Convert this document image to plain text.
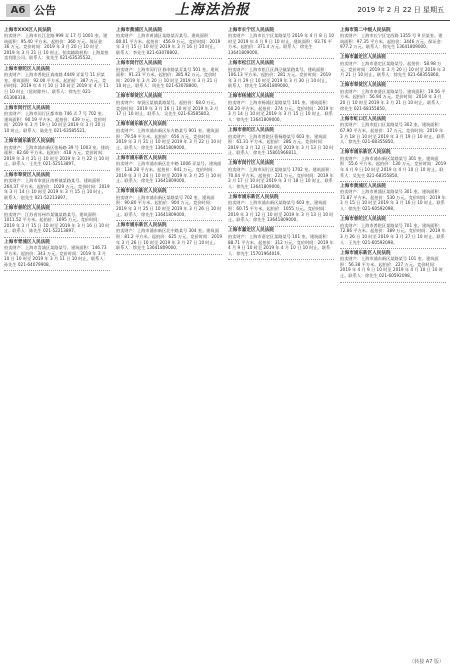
A6 公告	上海法治报	2019 年 2 月 22 日 星期五
上海市XXX区人民法院
拍卖财产：上海市长江北路 999 弄 17 号 1001 室。建筑面积：95.40 平方米。起拍价：360 万元。保证金：36 万元。竞价时间：2019 年 3 月 20 日 10 时至 2019 年 3 月 21 日 10 时止。拍卖辅助机构：上海某拍卖有限公司。联系人：张先生 021-63535532。
上海市普陀区人民法院
拍卖财产：上海市普陀区真南路 4449 弄某号 11 层某室。建筑面积：92.00 平方米。起拍价：387 万元。竞价时间：2019 年 4 月 10 日 10 时至 2019 年 4 月 11 日 10 时止（延时除外）。联系人：徐先生 021-61308318。
上海市闵行区人民法院
拍卖财产：上海市闵行区都市路 746 弄 7 号 702 室。建筑面积：90.19 平方米。起拍价：439 万元。竞价时间：2019 年 3 月 19 日 10 时至 2019 年 3 月 20 日 10 时止。联系人：陆先生 021-63585521。
上海市浦东新区人民法院
拍卖财产：上海市浦东新区张杨路 39 号 1003 室。建筑面积：82.60 平方米。起拍价：418 万元。竞价时间：2019 年 3 月 21 日 10 时至 2019 年 3 月 22 日 10 时止。联系人：王先生 021-52513897。
上海市奉贤区人民法院
拍卖财产：上海市奉贤区南桥镇某路某号。建筑面积：264.37 平方米。起拍价：1029 万元。竞价时间：2019 年 3 月 14 日 10 时至 2019 年 3 月 15 日 10 时止。联系人：赵先生 021-52213897。
上海市普陀区人民法院
拍卖财产：江苏省苏州市某镇某路某号。建筑面积：1011.52 平方米。起拍价：1095 万元。竞价时间：2019 年 3 月 15 日 10 时至 2019 年 3 月 16 日 10 时止。联系人：陈先生 021-52213897。
上海市青浦区人民法院
拍卖财产：上海市青浦区某路某号。建筑面积：146.73 平方米。起拍价：343 万元。竞价时间：2019 年 3 月 10 日 10 时至 2019 年 3 月 11 日 10 时止。联系人：孙先生 021-64079908。
上海市黄浦区人民法院
拍卖财产：上海市黄浦区某路某弄某号。建筑面积：80.01 平方米。起拍价：456.9 万元。竞价时间：2019 年 3 月 15 日 10 时至 2019 年 3 月 16 日 10 时止。联系人：李先生 021-63078802。
上海市闵行区人民法院
拍卖财产：上海市闵行区春申路某弄某号 501 室。建筑面积：91.23 平方米。起拍价：385.92 万元。竞价时间：2019 年 3 月 20 日 10 时至 2019 年 3 月 21 日 10 时止。联系人：周先生 021-63078800。
上海市奉贤区人民法院
拍卖财产：奉贤区某镇某路某号。起拍价：68.0 万元。竞价时间：2019 年 3 月 16 日 10 时至 2019 年 3 月 17 日 10 时止。联系人：吴先生 021-63585803。
上海市浦东新区人民法院
拍卖财产：上海市浦东新区东方路某号 901 室。建筑面积：79.59 平方米。起拍价：656 万元。竞价时间：2019 年 3 月 21 日 10 时至 2019 年 3 月 22 日 10 时止。联系人：徐先生 13641809000。
上海市浦东新区人民法院
拍卖财产：上海市浦东新区北中路 1006 弄某号。建筑面积：138.28 平方米。起拍价：941 万元。竞价时间：2019 年 3 月 24 日 10 时至 2019 年 3 月 25 日 10 时止。联系人：徐先生 13641809000。
上海市浦东新区人民法院
拍卖财产：上海市浦东新区某路某号 702 室。建筑面积：90.80 平方米。起拍价：904 万元。竞价时间：2019 年 3 月 25 日 10 时至 2019 年 3 月 26 日 10 时止。联系人：徐先生 13641809000。
上海市浦东新区人民法院
拍卖财产：上海市浦东新区北中路某号 304 室。建筑面积：81.2 平方米。起拍价：625 万元。竞价时间：2019 年 3 月 26 日 10 时至 2019 年 3 月 27 日 10 时止。联系人：徐先生 13641809000。
上海市长宁区人民法院
拍卖财产：上海市长宁区某路某号 2019 年 4 月 8 日 10 时至 2019 年 4 月 9 日 10 时止。建筑面积：93.76 平方米。起拍价：371.4 万元。联系人：徐先生 13641809000。
上海市松江区人民法院
拍卖财产：上海市松江区泗泾镇某路某号。建筑面积：106.13 平方米。起拍价：281 万元。竞价时间：2019 年 3 月 29 日 10 时至 2019 年 3 月 30 日 10 时止。联系人：徐先生 13641809000。
上海市杨浦区人民法院
拍卖财产：上海市杨浦区某路某号 101 室。建筑面积：60.20 平方米。起拍价：274 万元。竞价时间：2019 年 3 月 14 日 10 时至 2019 年 3 月 15 日 10 时止。联系人：徐先生 13641809000。
上海市普陀区人民法院
拍卖财产：上海市普陀区曹杨路某号 603 室。建筑面积：61.31 平方米。起拍价：286 万元。竞价时间：2019 年 3 月 12 日 10 时至 2019 年 3 月 13 日 10 时止。联系人：徐先生 15801966811。
上海市闵行区人民法院
拍卖财产：上海市闵行区某路某号 1702 室。建筑面积：70.04 平方米。起拍价：221 万元。竞价时间：2019 年 3 月 17 日 10 时至 2019 年 3 月 18 日 10 时止。联系人：徐先生 13641809000。
上海市浦东新区人民法院
拍卖财产：上海市浦东新区某路某号 603 室。建筑面积：60.75 平方米。起拍价：1055 万元。竞价时间：2019 年 3 月 12 日 10 时至 2019 年 3 月 13 日 10 时止。联系人：徐先生 13641809000。
上海市嘉定区人民法院
拍卖财产：上海市嘉定区某路某号 101 室。建筑面积：88.71 平方米。起拍价：312 万元。竞价时间：2019 年 4 月 9 日 10 时至 2019 年 4 月 10 日 10 时止。联系人：徐先生 15701964019。
上海市第二中级人民法院
拍卖财产：上海市长宁区定西路 1355 号 9 层某室。建筑面积：97.35 平方米。起拍价：3446 万元。保证金：977.2 万元。联系人：徐先生 13641809000。
上海市嘉定区人民法院
拍卖财产：上海市嘉定区某路某号。起拍价：58.98 万元。竞价时间：2019 年 3 月 20 日 10 时至 2019 年 3 月 21 日 10 时止。联系人：徐先生 021-68355860。
上海市奉贤区人民法院
拍卖财产：上海市奉贤区某路某号。建筑面积：19.56 平方米。起拍价：56.94 万元。竞价时间：2019 年 3 月 20 日 10 时至 2019 年 3 月 21 日 10 时止。联系人：徐先生 021-68355850。
上海市虹口区人民法院
拍卖财产：上海市虹口区某路某号 302 室。建筑面积：67.90 平方米。起拍价：17 万元。竞价时间：2019 年 3 月 18 日 10 时至 2019 年 3 月 19 日 10 时止。联系人：徐先生 021-68355850。
上海市浦东新区人民法院
拍卖财产：上海市浦东新区某路某号 301 室。建筑面积：55.6 平方米。起拍价：130 万元。竞价时间：2019 年 4 月 9 日 10 时至 2019 年 4 月 10 日 10 时止。联系人：吴先生 021-68355850。
上海市黄浦区人民法院
拍卖财产：上海市黄浦区某路某号 301 室。建筑面积：71.87 平方米。起拍价：530 万元。竞价时间：2019 年 3 月 15 日 10 时至 2019 年 3 月 16 日 10 时止。联系人：徐先生 021-60592098。
上海市普陀区人民法院
拍卖财产：上海市普陀区某路某号 701 室。建筑面积：72.86 平方米。起拍价：389 万元。竞价时间：2019 年 3 月 26 日 10 时至 2019 年 3 月 27 日 10 时止。联系人：王先生 021-60592098。
上海市浦东新区人民法院
拍卖财产：上海市浦东新区某路某号 101 室。建筑面积：56.38 平方米。起拍价：227 万元。竞价时间：2019 年 4 月 9 日 10 时至 2019 年 4 月 10 日 10 时止。联系人：徐先生 021-60592098。
（转接 A7 版）
